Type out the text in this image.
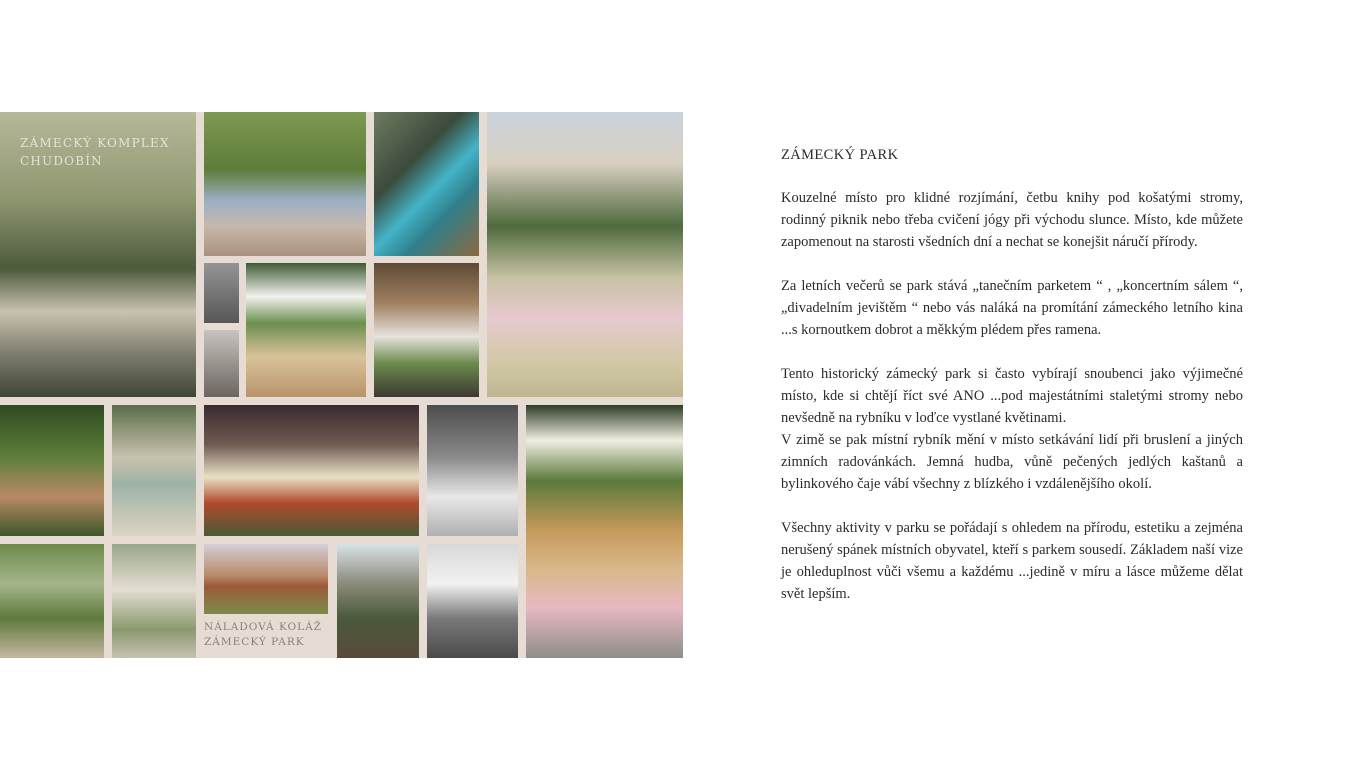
ZÁMECKÝ KOMPLEX CHUDOBÍN
NÁLADOVÁ KOLÁŽ ZÁMECKÝ PARK
ZÁMECKÝ PARK

Kouzelné místo pro klidné rozjímání, četbu knihy pod košatými stromy, rodinný piknik nebo třeba cvičení jógy při východu slunce. Místo, kde můžete zapomenout na starosti všedních dní a nechat se konejšit náručí přírody.

Za letních večerů se park stává „tanečním parketem “ , „koncertním sálem “, „divadelním jevištěm “ nebo vás naláká na promítání zámeckého letního kina ...s kornoutkem dobrot a měkkým plédem přes ramena.

Tento historický zámecký park si často vybírají snoubenci jako výjimečné místo, kde si chtějí říct své ANO ...pod majestátními staletými stromy nebo nevšedně na rybníku v loďce vystlané květinami.

V zimě se pak místní rybník mění v místo setkávání lidí při bruslení a jiných zimních radovánkách. Jemná hudba, vůně pečených jedlých kaštanů a bylinkového čaje vábí všechny z blízkého i vzdálenějšího okolí.

Všechny aktivity v parku se pořádají s ohledem na přírodu, estetiku a zejména nerušený spánek místních obyvatel, kteří s parkem sousedí. Základem naší vize je ohleduplnost vůči všemu a každému ...jedině v míru a lásce můžeme dělat svět lepším.
